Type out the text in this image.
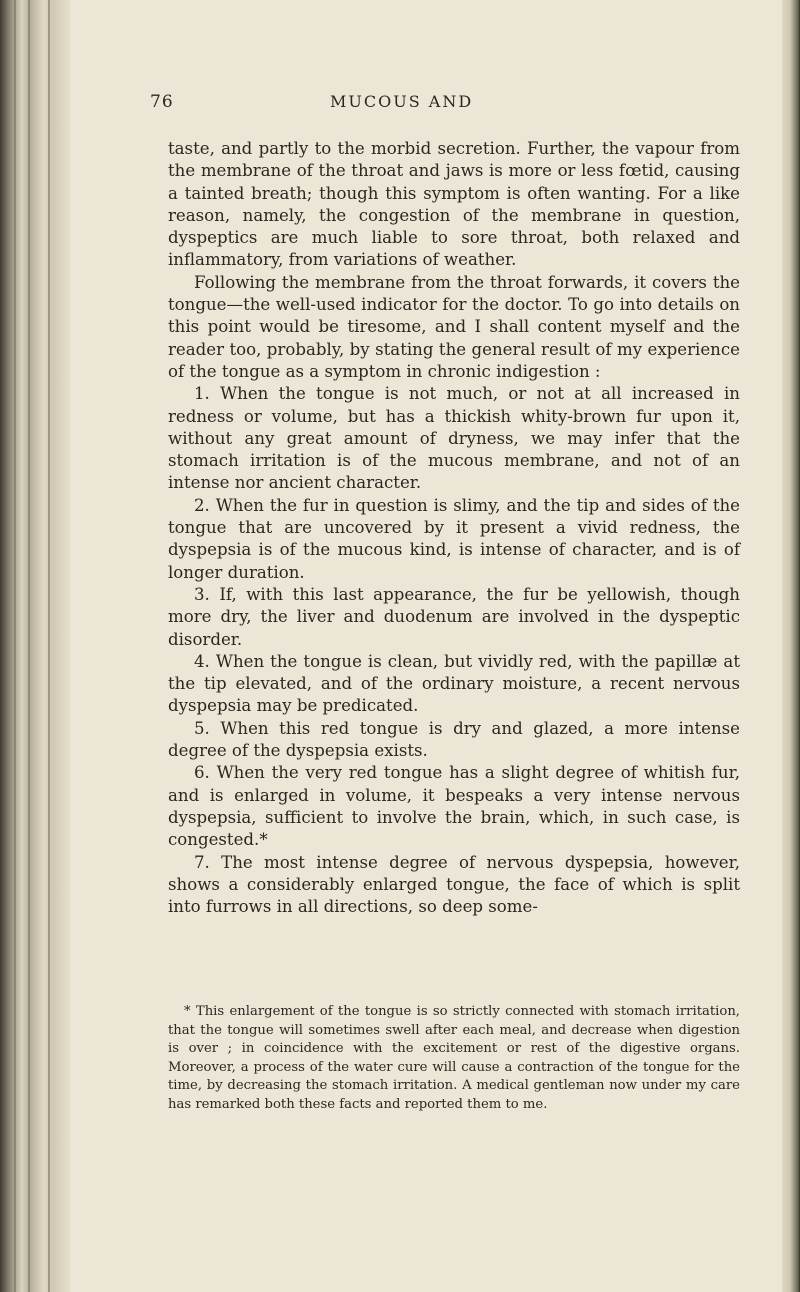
76	MUCOUS AND

taste, and partly to the morbid secretion. Further, the vapour from the membrane of the throat and jaws is more or less fœtid, causing a tainted breath; though this symptom is often wanting. For a like reason, namely, the congestion of the membrane in question, dyspeptics are much liable to sore throat, both relaxed and inflammatory, from variations of weather.

Following the membrane from the throat forwards, it covers the tongue—the well-used indicator for the doctor. To go into details on this point would be tiresome, and I shall content myself and the reader too, probably, by stating the general result of my experience of the tongue as a symptom in chronic indigestion :

1. When the tongue is not much, or not at all increased in redness or volume, but has a thickish whity-brown fur upon it, without any great amount of dryness, we may infer that the stomach irritation is of the mucous membrane, and not of an intense nor ancient character.

2. When the fur in question is slimy, and the tip and sides of the tongue that are uncovered by it present a vivid redness, the dyspepsia is of the mucous kind, is intense of character, and is of longer duration.

3. If, with this last appearance, the fur be yellowish, though more dry, the liver and duodenum are involved in the dyspeptic disorder.

4. When the tongue is clean, but vividly red, with the papillæ at the tip elevated, and of the ordinary moisture, a recent nervous dyspepsia may be predicated.

5. When this red tongue is dry and glazed, a more intense degree of the dyspepsia exists.

6. When the very red tongue has a slight degree of whitish fur, and is enlarged in volume, it bespeaks a very intense nervous dyspepsia, sufficient to involve the brain, which, in such case, is congested.*

7. The most intense degree of nervous dyspepsia, however, shows a considerably enlarged tongue, the face of which is split into furrows in all directions, so deep some-

* This enlargement of the tongue is so strictly connected with stomach irritation, that the tongue will sometimes swell after each meal, and decrease when digestion is over ; in coincidence with the excitement or rest of the digestive organs. Moreover, a process of the water cure will cause a contraction of the tongue for the time, by decreasing the stomach irritation. A medical gentleman now under my care has remarked both these facts and reported them to me.
